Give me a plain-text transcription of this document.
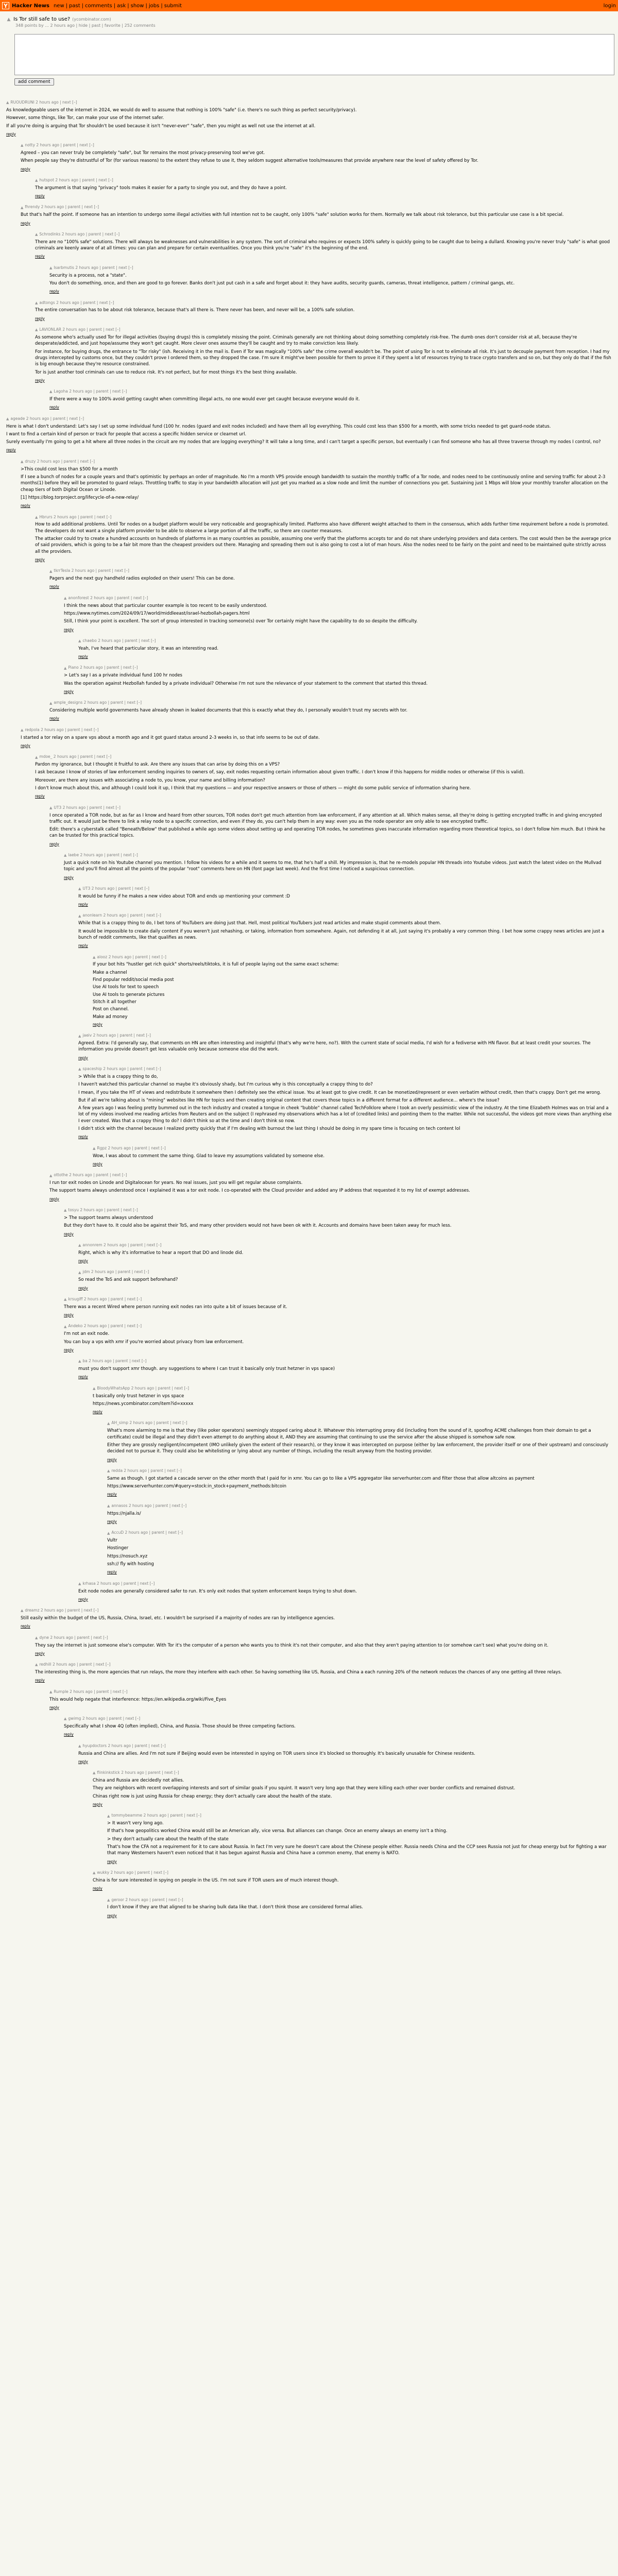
Y Hacker News new | past | comments | ask | show | jobs | submit	login
▲ Is Tor still safe to use? (ycombinator.com)
348 points by ... 2 hours ago | hide | past | favorite | 252 comments
add comment
▲ RUOUDRUNI 2 hours ago | next [–]

As knowledgeable users of the internet in 2024, we would do well to assume that nothing is 100% "safe" (i.e. there's no such thing as perfect security/privacy).

However, some things, like Tor, can make your use of the internet safer.

If all you're doing is arguing that Tor shouldn't be used because it isn't "never-ever" "safe", then you might as well not use the internet at all.

reply
▲ notty 2 hours ago | parent | next [–]

Agreed – you can never truly be completely "safe", but Tor remains the most privacy-preserving tool we've got.

When people say they're distrustful of Tor (for various reasons) to the extent they refuse to use it, they seldom suggest alternative tools/measures that provide anywhere near the level of safety offered by Tor.

reply
▲ hutspot 2 hours ago | parent | next [–]

The argument is that saying "privacy" tools makes it easier for a party to single you out, and they do have a point.

reply
▲ fhrendy 2 hours ago | parent | next [–]

But that's half the point. If someone has an intention to undergo some illegal activities with full intention not to be caught, only 100% "safe" solution works for them. Normally we talk about risk tolerance, but this particular use case is a bit special.

reply
▲ Schrodinks 2 hours ago | parent | next [–]

There are no "100% safe" solutions. There will always be weaknesses and vulnerabilities in any system. The sort of criminal who requires or expects 100% safety is quickly going to be caught due to being a dullard. Knowing you're never truly "safe" is what good criminals are keenly aware of at all times: you can plan and prepare for certain eventualities. Once you think you're "safe" it's the beginning of the end.

reply
▲ Isarbmutis 2 hours ago | parent | next [–]

Security is a process, not a "state".

You don't do something, once, and then are good to go forever. Banks don't just put cash in a safe and forget about it: they have audits, security guards, cameras, threat intelligence, pattern / criminal gangs, etc.

reply
▲ adtongs 2 hours ago | parent | next [–]

The entire conversation has to be about risk tolerance, because that's all there is. There never has been, and never will be, a 100% safe solution.

reply
▲ LAVIONLAR 2 hours ago | parent | next [–]

As someone who's actually used Tor for illegal activities (buying drugs) this is completely missing the point. Criminals generally are not thinking about doing something completely risk-free. The dumb ones don't consider risk at all, because they're desperate/addicted, and just hope/assume they won't get caught. More clever ones assume they'll be caught and try to make conviction less likely.

For instance, for buying drugs, the entrance to "Tor risky" (ish. Receiving it in the mail is. Even if Tor was magically "100% safe" the crime overall wouldn't be. The point of using Tor is not to eliminate all risk. It's just to decouple payment from reception. I had my drugs intercepted by customs once, but they couldn't prove I ordered them, so they dropped the case. I'm sure it might've been possible for them to prove it if they spent a lot of resources trying to trace crypto transfers and so on, but they only do that if the fish is big enough because they're resource constrained.

Tor is just another tool criminals can use to reduce risk. It's not perfect, but for most things it's the best thing available.

reply
▲ Lagoha 2 hours ago | parent | next [–]

If there were a way to 100% avoid getting caught when committing illegal acts, no one would ever get caught because everyone would do it.

reply
▲ ageade 2 hours ago | parent | next [–]

Here is what I don't understand: Let's say I set up some individual fund (100 hr. nodes (guard and exit nodes included) and have them all log everything. This could cost less than $500 for a month, with some tricks needed to get guard-node status.

I want to find a certain kind of person or track for people that access a specific hidden service or clearnet url.

Surely eventually I'm going to get a hit where all three nodes in the circuit are my nodes that are logging everything? It will take a long time, and I can't target a specific person, but eventually I can find someone who has all three traverse through my nodes I control, no?

reply
▲ druzy 2 hours ago | parent | next [–]

>This could cost less than $500 for a month

If I see a bunch of nodes for a couple years and that's optimistic by perhaps an order of magnitude. No I'm a month VPS provide enough bandwidth to sustain the monthly traffic of a Tor node, and nodes need to be continuously online and serving traffic for about 2-3 months(1) before they will be promoted to guard relays. Throttling traffic to stay in your bandwidth allocation will just get you marked as a slow node and limit the number of connections you get. Sustaining just 1 Mbps will blow your monthly transfer allocation on the cheap tiers of both Digital Ocean or Linode.

[1] https://blog.torproject.org/lifecycle-of-a-new-relay/

reply
▲ Hbrurs 2 hours ago | parent | next [–]

How to add additional problems. Until Tor nodes on a budget platform would be very noticeable and geographically limited. Platforms also have different weight attached to them in the consensus, which adds further time requirement before a node is promoted. The developers do not want a single platform provider to be able to observe a large portion of all the traffic, so there are counter measures.

The attacker could try to create a hundred accounts on hundreds of platforms in as many countries as possible, assuming one verify that the platforms accepts tor and do not share underlying providers and data centers. The cost would then be the average price of said providers, which is going to be a fair bit more than the cheapest providers out there. Managing and spreading them out is also going to cost a lot of man hours. Also the nodes need to be fairly on the point and need to be maintained quite strictly across all the providers.

reply
▲ tkrrTesla 2 hours ago | parent | next [–]

Pagers and the next guy handheld radios exploded on their users! This can be done.

reply
▲ anonforest 2 hours ago | parent | next [–]

I think the news about that particular counter example is too recent to be easily understood.

https://www.nytimes.com/2024/09/17/world/middleeast/israel-hezbollah-pagers.html

Still, I think your point is excellent. The sort of group interested in tracking someone(s) over Tor certainly might have the capability to do so despite the difficulty.

reply
▲ chaebo 2 hours ago | parent | next [–]

Yeah, I've heard that particular story, it was an interesting read.

reply
▲ Piano 2 hours ago | parent | next [–]

> Let's say I as a private individual fund 100 hr nodes

Was the operation against Hezbollah funded by a private individual? Otherwise I'm not sure the relevance of your statement to the comment that started this thread.

reply
▲ ample_designs 2 hours ago | parent | next [–]

Considering multiple world governments have already shown in leaked documents that this is exactly what they do, I personally wouldn't trust my secrets with tor.

reply
▲ redpola 2 hours ago | parent | next [–]

I started a tor relay on a spare vps about a month ago and it got guard status around 2-3 weeks in, so that info seems to be out of date.

reply
▲ mdoe_ 2 hours ago | parent | next [–]

Pardon my ignorance, but I thought it fruitful to ask. Are there any issues that can arise by doing this on a VPS?

I ask because I know of stories of law enforcement sending inquiries to owners of, say, exit nodes requesting certain information about given traffic. I don't know if this happens for middle nodes or otherwise (if this is valid).

Moreover, are there any issues with associating a node to, you know, your name and billing information?

I don't know much about this, and although I could look it up, I think that my questions — and your respective answers or those of others — might do some public service of information sharing here.

reply
▲ UT3 2 hours ago | parent | next [–]

I once operated a TOR node, but as far as I know and heard from other sources, TOR nodes don't get much attention from law enforcement, if any attention at all. Which makes sense, all they're doing is getting encrypted traffic in and giving encrypted traffic out. It would just be there to link a relay node to a specific connection, and even if they do, you can't help them in any way: even you as the node operator are only able to see encrypted traffic.

Edit: there's a cyberstalk called "Beneath/Below" that published a while ago some videos about setting up and operating TOR nodes, he sometimes gives inaccurate information regarding more theoretical topics, so I don't follow him much. But I think he can be trusted for this practical topics.

reply
▲ laebe 2 hours ago | parent | next [–]

Just a quick note on his Youtube channel you mention. I follow his videos for a while and it seems to me, that he's half a shill. My impression is, that he re-models popular HN threads into Youtube videos. Just watch the latest video on the Mullvad topic and you'll find almost all the points of the popular "root" comments here on HN (font page last week). And the first time I noticed a suspicious connection.

reply
▲ UT3 2 hours ago | parent | next [–]

It would be funny if he makes a new video about TOR and ends up mentioning your comment :D

reply
▲ anonlearn 2 hours ago | parent | next [–]

While that is a crappy thing to do, I bet tons of YouTubers are doing just that. Hell, most political YouTubers just read articles and make stupid comments about them.

It would be impossible to create daily content if you weren't just rehashing, or taking, information from somewhere. Again, not defending it at all, just saying it's probably a very common thing. I bet how some crappy news articles are just a bunch of reddit comments, like that qualifies as news.

reply
▲ alooz 2 hours ago | parent | next [–]

If your bot hits "hustler get rich quick" shorts/reels/tiktoks, it is full of people laying out the same exact scheme:

Make a channel

Find popular reddit/social media post

Use AI tools for text to speech

Use AI tools to generate pictures

Stitch it all together

Post on channel.

Make ad money

reply
▲ jaeiv 2 hours ago | parent | next [–]

Agreed. Extra: I'd generally say, that comments on HN are often interesting and insightful (that's why we're here, no?). With the current state of social media, I'd wish for a fediverse with HN flavor. But at least credit your sources. The information you provide doesn't get less valuable only because someone else did the work.

reply
▲ spaceship 2 hours ago | parent | next [–]

> While that is a crappy thing to do,

I haven't watched this particular channel so maybe it's obviously shady, but I'm curious why is this conceptually a crappy thing to do?

I mean, if you take the HT of views and redistribute it somewhere then I definitely see the ethical issue. You at least got to give credit. It can be monetized/represent or even verbatim without credit, then that's crappy. Don't get me wrong.

But if all we're talking about is "mining" websites like HN for topics and then creating original content that covers those topics in a different format for a different audience... where's the issue?

A few years ago I was feeling pretty bummed out in the tech industry and created a tongue in cheek "bubble" channel called TechFolklore where I took an overly pessimistic view of the industry. At the time Elizabeth Holmes was on trial and a lot of my videos involved me reading articles from Reuters and on the subject (I rephrased my observations which has a lot of (credited links) and pointing them to the matter. While not successful, the videos got more views than anything else I ever created. Was that a crappy thing to do? I didn't think so at the time and I don't think so now.

I didn't stick with the channel because I realized pretty quickly that if I'm dealing with burnout the last thing I should be doing in my spare time is focusing on tech content lol

reply
▲ Rgpz 2 hours ago | parent | next [–]

Wow, I was about to comment the same thing. Glad to leave my assumptions validated by someone else.

reply
▲ ottothe 2 hours ago | parent | next [–]

I run tor exit nodes on Linode and Digitalocean for years. No real issues, just you will get regular abuse complaints.

The support teams always understood once I explained it was a tor exit node. I co-operated with the Cloud provider and added any IP address that requested it to my list of exempt addresses.

reply
▲ tosyu 2 hours ago | parent | next [–]

> The support teams always understood

But they don't have to. It could also be against their ToS, and many other providers would not have been ok with it. Accounts and domains have been taken away for much less.

reply
▲ annonrem 2 hours ago | parent | next [–]

Right, which is why it's informative to hear a report that DO and linode did.

reply
▲ jdm 2 hours ago | parent | next [–]

So read the ToS and ask support beforehand?

reply
▲ krsugiff 2 hours ago | parent | next [–]

There was a recent Wired where person running exit nodes ran into quite a bit of issues because of it.

reply
▲ Andeko 2 hours ago | parent | next [–]

I'm not an exit node.

You can buy a vps with xmr if you're worried about privacy from law enforcement.

reply
▲ ba 2 hours ago | parent | next [–]

must you don't support xmr though. any suggestions to where I can trust it basically only trust hetzner in vps space)

reply
▲ BloodyWhatsApp 2 hours ago | parent | next [–]

t basically only trust hetzner in vps space

https://news.ycombinator.com/item?id=xxxxx

reply
▲ AH_simp 2 hours ago | parent | next [–]

What's more alarming to me is that they (like poker operators) seemingly stopped caring about it. Whatever this interrupting proxy did (including from the sound of it, spoofing ACME challenges from their domain to get a certificate) could be illegal and they didn't even attempt to do anything about it, AND they are assuming that continuing to use the service after the abuse shipped is somehow safe now.

Either they are grossly negligent/incompetent (IMO unlikely given the extent of their research), or they know it was intercepted on purpose (either by law enforcement, the provider itself or one of their upstream) and consciously decided not to pursue it. They could also be whitelisting or lying about any number of things, including the result anyway from the hosting provider.

reply
▲ redda 2 hours ago | parent | next [–]

Same as though. I got started a cascade server on the other month that I paid for in xmr. You can go to like a VPS aggregator like serverhunter.com and filter those that allow altcoins as payment

https://www.serverhunter.com/#query=stock:in_stock+payment_methods:bitcoin

reply
▲ annasos 2 hours ago | parent | next [–]

https://njalla.is/

reply
▲ AccuD 2 hours ago | parent | next [–]

Vultr

Hostinger

https://nosuch.xyz

ssh:// fly with hosting

reply
▲ krhasa 2 hours ago | parent | next [–]

Exit node nodes are generally considered safer to run. It's only exit nodes that system enforcement keeps trying to shut down.

reply
▲ dreamz 2 hours ago | parent | next [–]

Still easily within the budget of the US, Russia, China, Israel, etc. I wouldn't be surprised if a majority of nodes are ran by intelligence agencies.

reply
▲ dyne 2 hours ago | parent | next [–]

They say the internet is just someone else's computer. With Tor it's the computer of a person who wants you to think it's not their computer, and also that they aren't paying attention to (or somehow can't see) what you're doing on it.

reply
▲ redhill 2 hours ago | parent | next [–]

The interesting thing is, the more agencies that run relays, the more they interfere with each other. So having something like US, Russia, and China a each running 20% of the network reduces the chances of any one getting all three relays.

reply
▲ Rumple 2 hours ago | parent | next [–]

This would help negate that interference: https://en.wikipedia.org/wiki/Five_Eyes

reply
▲ gwimg 2 hours ago | parent | next [–]

Specifically what I show 4Q (often implied), China, and Russia. Those should be three competing factions.

reply
▲ hyupdoctors 2 hours ago | parent | next [–]

Russia and China are allies. And I'm not sure if Beijing would even be interested in spying on TOR users since it's blocked so thoroughly. It's basically unusable for Chinese residents.

reply
▲ flinkinkstick 2 hours ago | parent | next [–]

China and Russia are decidedly not allies.

They are neighbors with recent overlapping interests and sort of similar goals if you squint. It wasn't very long ago that they were killing each other over border conflicts and remained distrust.

Chinas right now is just using Russia for cheap energy; they don't actually care about the health of the state.

reply
▲ tommybeamme 2 hours ago | parent | next [–]

> It wasn't very long ago.

If that's how geopolitics worked China would still be an American ally, vice versa. But alliances can change. Once an enemy always an enemy isn't a thing.

> they don't actually care about the health of the state

That's how the CFA not a requirement for it to care about Russia. In fact I'm very sure he doesn't care about the Chinese people either. Russia needs China and the CCP sees Russia not just for cheap energy but for fighting a war that many Westerners haven't even noticed that it has begun against Russia and China have a common enemy, that enemy is NATO.

reply
▲ wukky 2 hours ago | parent | next [–]

China is for sure interested in spying on people in the US. I'm not sure if TOR users are of much interest though.

reply
▲ geroor 2 hours ago | parent | next [–]

I don't know if they are that aligned to be sharing bulk data like that. I don't think those are considered formal allies.

reply
